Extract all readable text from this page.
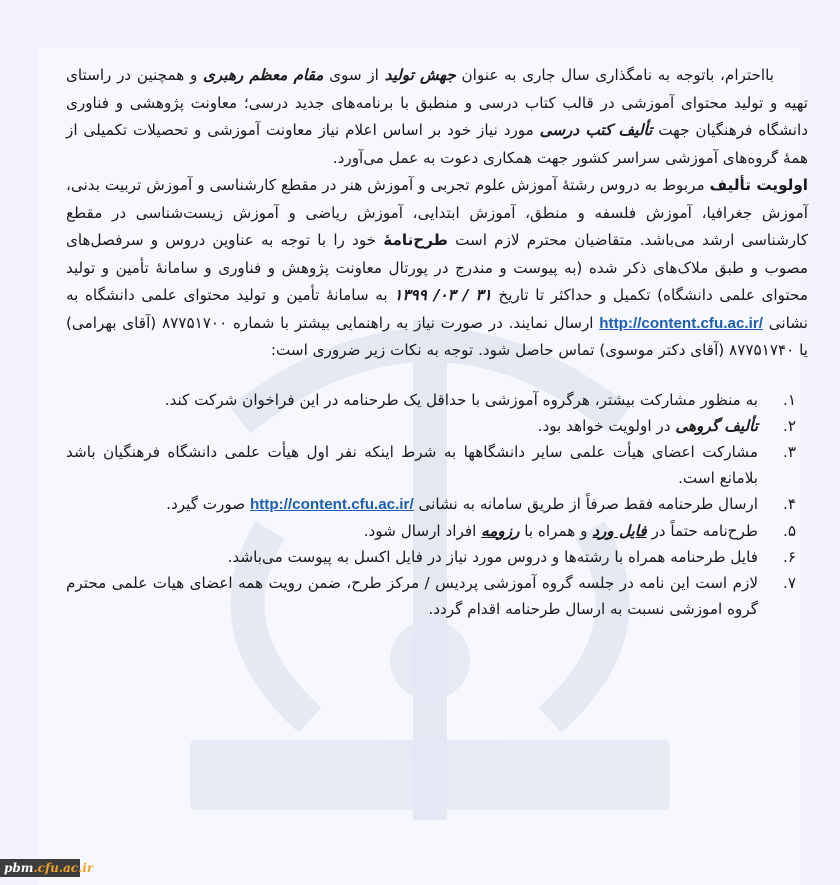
بااحترام، باتوجه به نامگذاری سال جاری به عنوان جهش تولید از سوی مقام معظم رهبری و همچنین در راستای تهیه و تولید محتوای آموزشی در قالب کتاب درسی و منطبق با برنامه‌های جدید درسی؛ معاونت پژوهشی و فناوری دانشگاه فرهنگیان جهت تألیف کتب درسی مورد نیاز خود بر اساس اعلام نیاز معاونت آموزشی و تحصیلات تکمیلی از همهٔ گروه‌های آموزشی سراسر کشور جهت همکاری دعوت به عمل می‌آورد.

اولویت تألیف مربوط به دروس رشتهٔ آموزش علوم تجربی و آموزش هنر در مقطع کارشناسی و آموزش تربیت بدنی، آموزش جغرافیا، آموزش فلسفه و منطق، آموزش ابتدایی، آموزش ریاضی و آموزش زیست‌شناسی در مقطع کارشناسی ارشد می‌باشد. متقاضیان محترم لازم است طرح‌نامهٔ خود را با توجه به عناوین دروس و سرفصل‌های مصوب و طبق ملاک‌های ذکر شده (به پیوست و مندرج در پورتال معاونت پژوهش و فناوری و سامانهٔ تأمین و تولید محتوای علمی دانشگاه) تکمیل و حداکثر تا تاریخ ۳۱ / ۰۳/ ۱۳۹۹ به سامانهٔ تأمین و تولید محتوای علمی دانشگاه به نشانی http://content.cfu.ac.ir/ ارسال نمایند. در صورت نیاز به راهنمایی بیشتر با شماره ۸۷۷۵۱۷۰۰ (آقای بهرامی) یا ۸۷۷۵۱۷۴۰ (آقای دکتر موسوی) تماس حاصل شود. توجه به نکات زیر ضروری است:

۱.
به منظور مشارکت بیشتر، هرگروه آموزشی با حداقل یک طرحنامه در این فراخوان شرکت کند.
۲.
تألیف گروهی در اولویت خواهد بود.
۳.
مشارکت اعضای هیأت علمی سایر دانشگاهها به شرط اینکه نفر اول هیأت علمی دانشگاه فرهنگیان باشد بلامانع است.
۴.
ارسال طرحنامه فقط صرفاً از طریق سامانه به نشانی http://content.cfu.ac.ir/ صورت گیرد.
۵.
طرح‌نامه حتماً در فایل ورد و همراه با رزومه افراد ارسال شود.
۶.
فایل طرحنامه همراه با رشته‌ها و دروس مورد نیاز در فایل اکسل به پیوست می‌باشد.
۷.
لازم است این نامه در جلسه گروه آموزشی پردیس / مرکز طرح، ضمن رویت همه اعضای هیات علمی محترم گروه اموزشی نسبت به ارسال طرحنامه اقدام گردد.
pbm.cfu.ac.ir
